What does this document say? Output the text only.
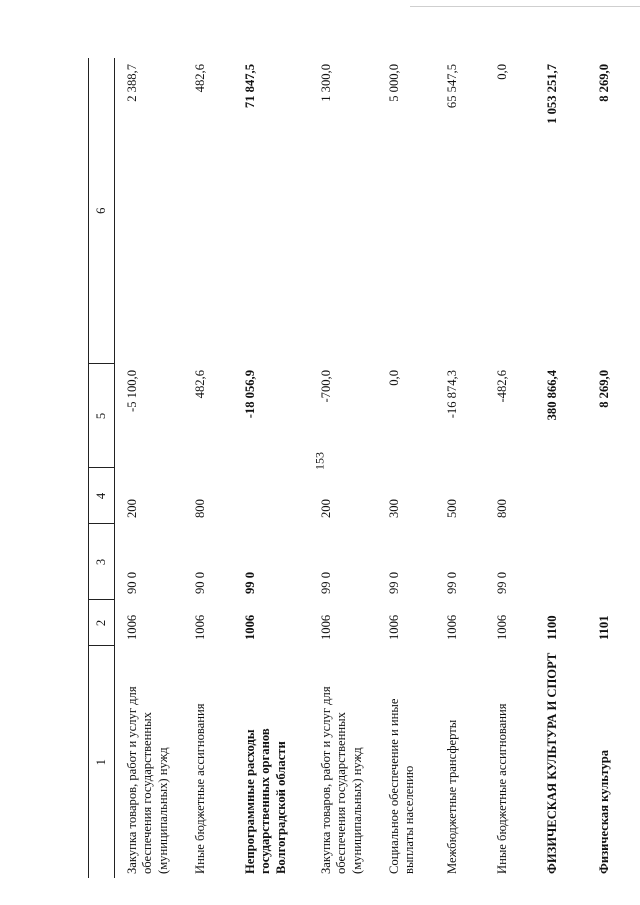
153
1	2	3	4	5	6
Закупка товаров, работ и услуг для обеспечения государственных (муниципальных) нужд	1006	90 0	200	-5 100,0	2 388,7
Иные бюджетные ассигнования	1006	90 0	800	482,6	482,6
Непрограммные расходы государственных органов Волгоградской области	1006	99 0		-18 056,9	71 847,5
Закупка товаров, работ и услуг для обеспечения государственных (муниципальных) нужд	1006	99 0	200	-700,0	1 300,0
Социальное обеспечение и иные выплаты населению	1006	99 0	300	0,0	5 000,0
Межбюджетные трансферты	1006	99 0	500	-16 874,3	65 547,5
Иные бюджетные ассигнования	1006	99 0	800	-482,6	0,0
ФИЗИЧЕСКАЯ КУЛЬТУРА И СПОРТ	1100			380 866,4	1 053 251,7
Физическая культура	1101			8 269,0	8 269,0
